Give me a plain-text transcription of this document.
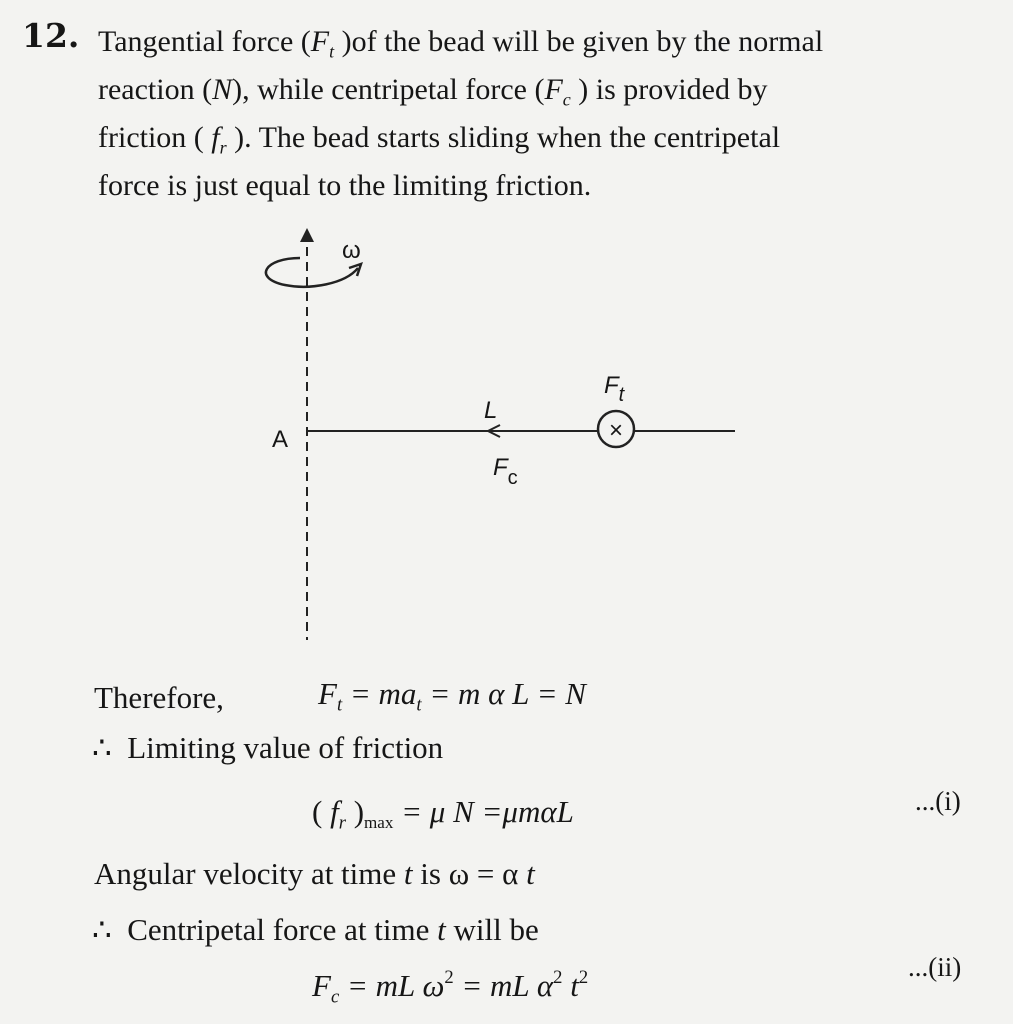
12. Tangential force ($F_t$ )of the bead will be given by the normal
reaction (N), while centripetal force ($F_c$ ) is provided by
friction ( $f_r$ ). The bead starts sliding when the centripetal
force is just equal to the limiting friction.
×
ω
A
L
$F_t$
$F_c$
Therefore,	$F_t = ma_t = m$ α L = N
∴ Limiting value of friction
( $f_r$ )$_{max} = \mu$ N =μmαL	...(i)
Angular velocity at time t is ω = α t
∴ Centripetal force at time t will be
$F_c$ = mL $\omega^2$ = mL $\alpha^2$ $t^2$	...(ii)
